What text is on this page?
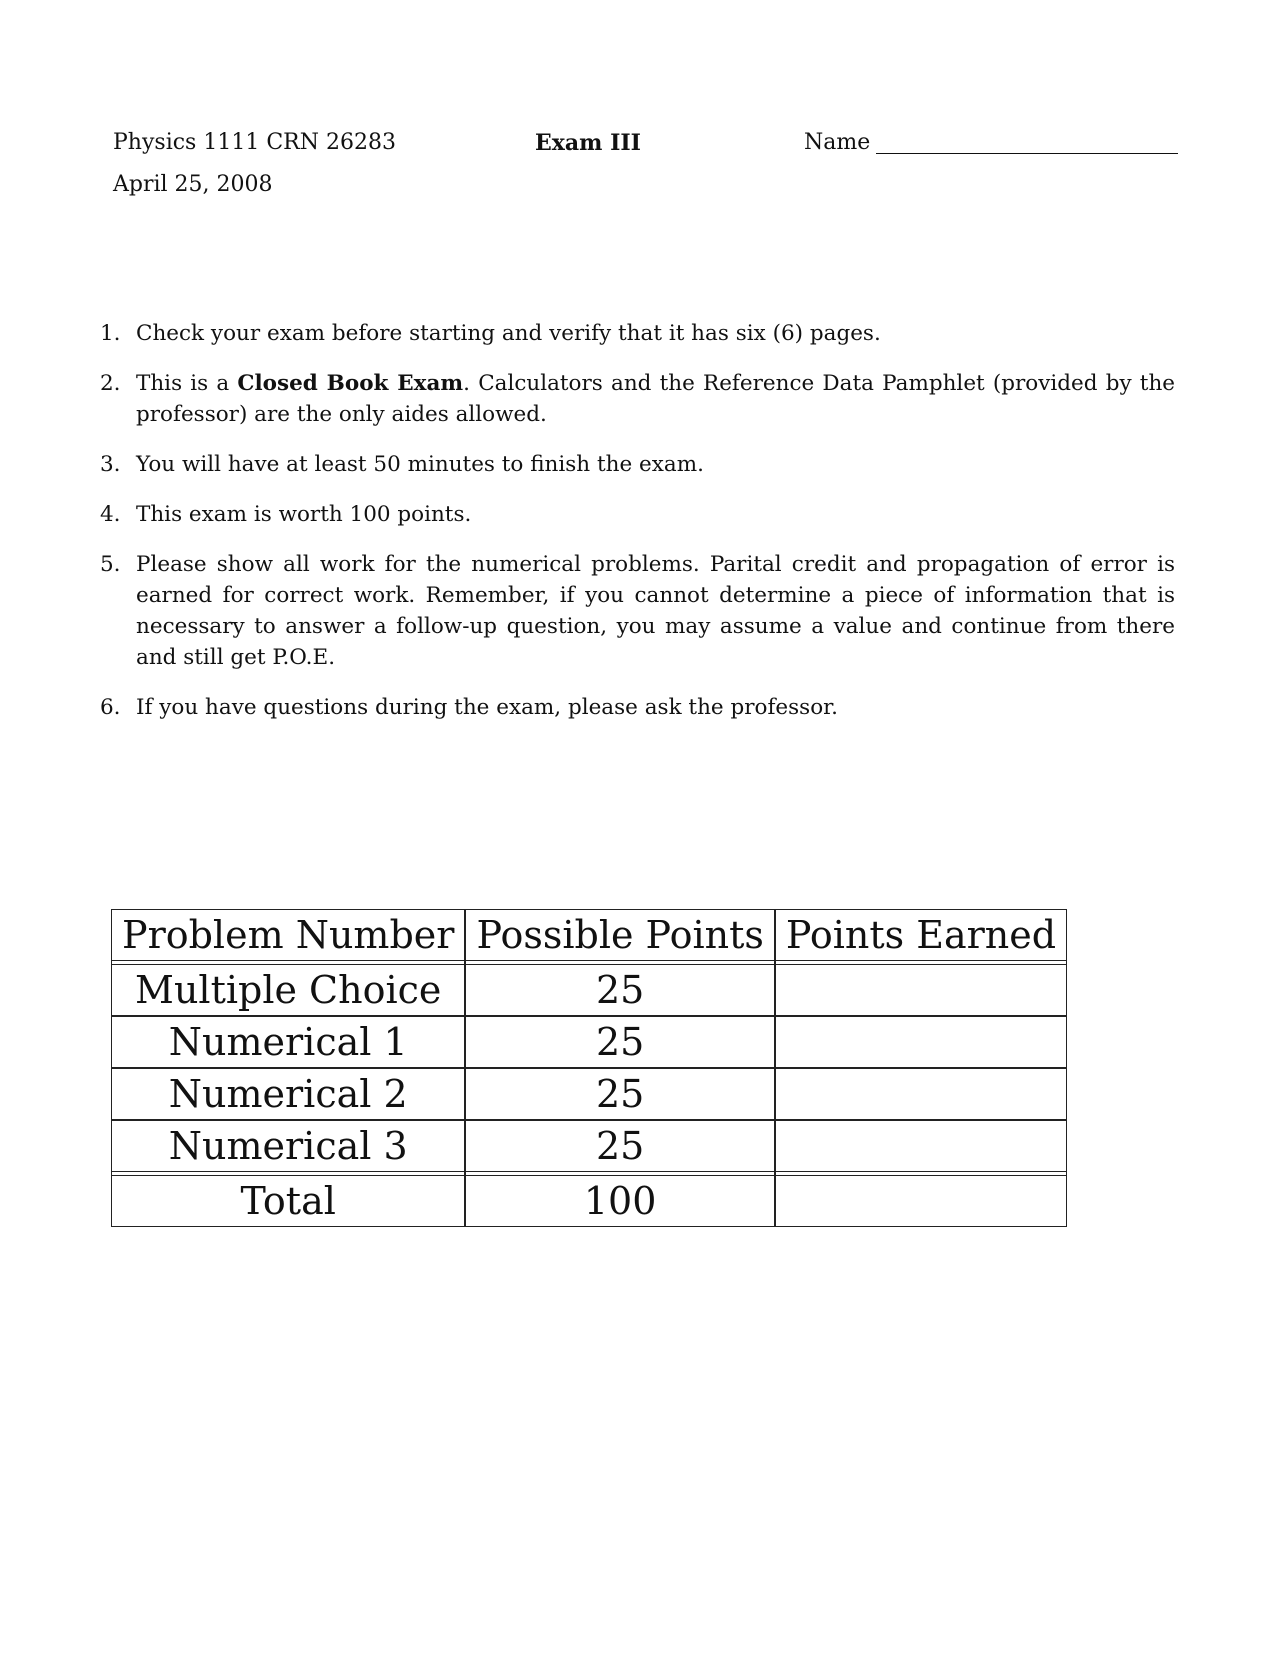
Physics 1111 CRN 26283
April 25, 2008
Exam III	Name
1. Check your exam before starting and verify that it has six (6) pages.
2. This is a Closed Book Exam. Calculators and the Reference Data Pamphlet (provided by the professor) are the only aides allowed.
3. You will have at least 50 minutes to finish the exam.
4. This exam is worth 100 points.
5. Please show all work for the numerical problems. Parital credit and propagation of error is earned for correct work. Remember, if you cannot determine a piece of information that is necessary to answer a follow-up question, you may assume a value and continue from there and still get P.O.E.
6. If you have questions during the exam, please ask the professor.
Problem Number	Possible Points	Points Earned

Multiple Choice	25	
Numerical 1	25	
Numerical 2	25	
Numerical 3	25	

Total	100	
